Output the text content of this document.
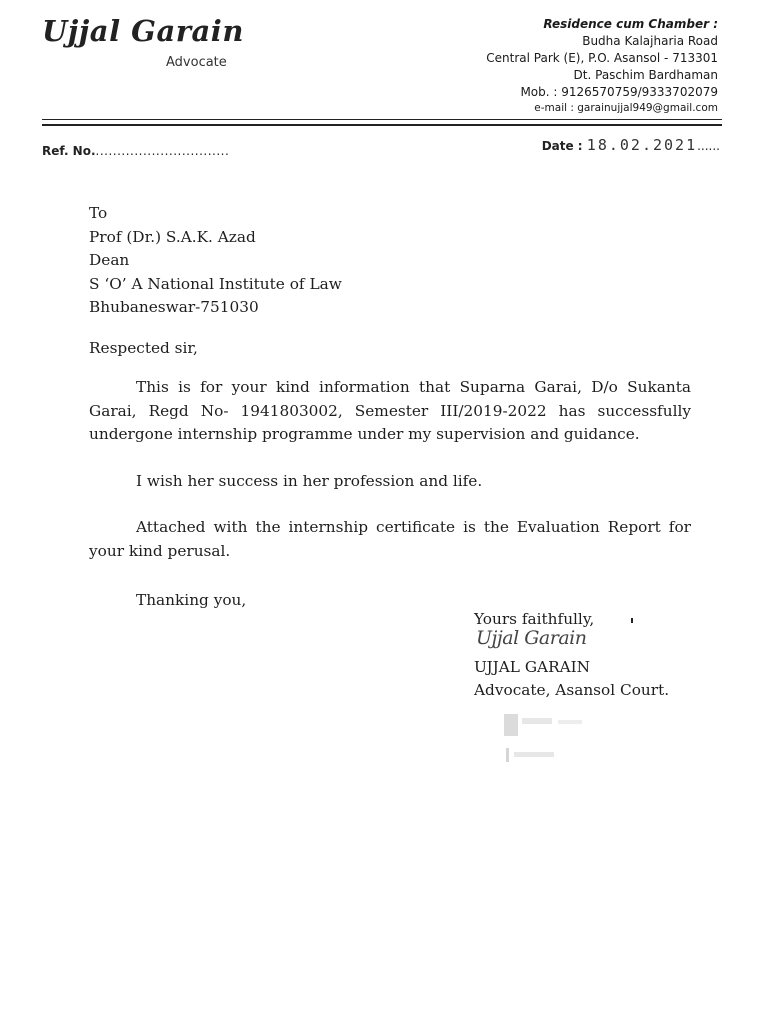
Ujjal Garain
Advocate
Residence cum Chamber :
Budha Kalajharia Road
Central Park (E), P.O. Asansol - 713301
Dt. Paschim Bardhaman
Mob. : 9126570759/9333702079
e-mail : garainujjal949@gmail.com
Ref. No................................	Date : 18.02.2021......
To
Prof (Dr.) S.A.K. Azad
Dean
S ‘O’ A National Institute of Law
Bhubaneswar-751030
Respected sir,
This is for your kind information that Suparna Garai, D/o Sukanta Garai, Regd No- 1941803002, Semester III/2019-2022 has successfully undergone internship programme under my supervision and guidance.
I wish her success in her profession and life.
Attached with the internship certificate is the Evaluation Report for your kind perusal.
Thanking you,
Yours faithfully,
UJJAL GARAIN
Advocate, Asansol Court.
Ujjal Garain
